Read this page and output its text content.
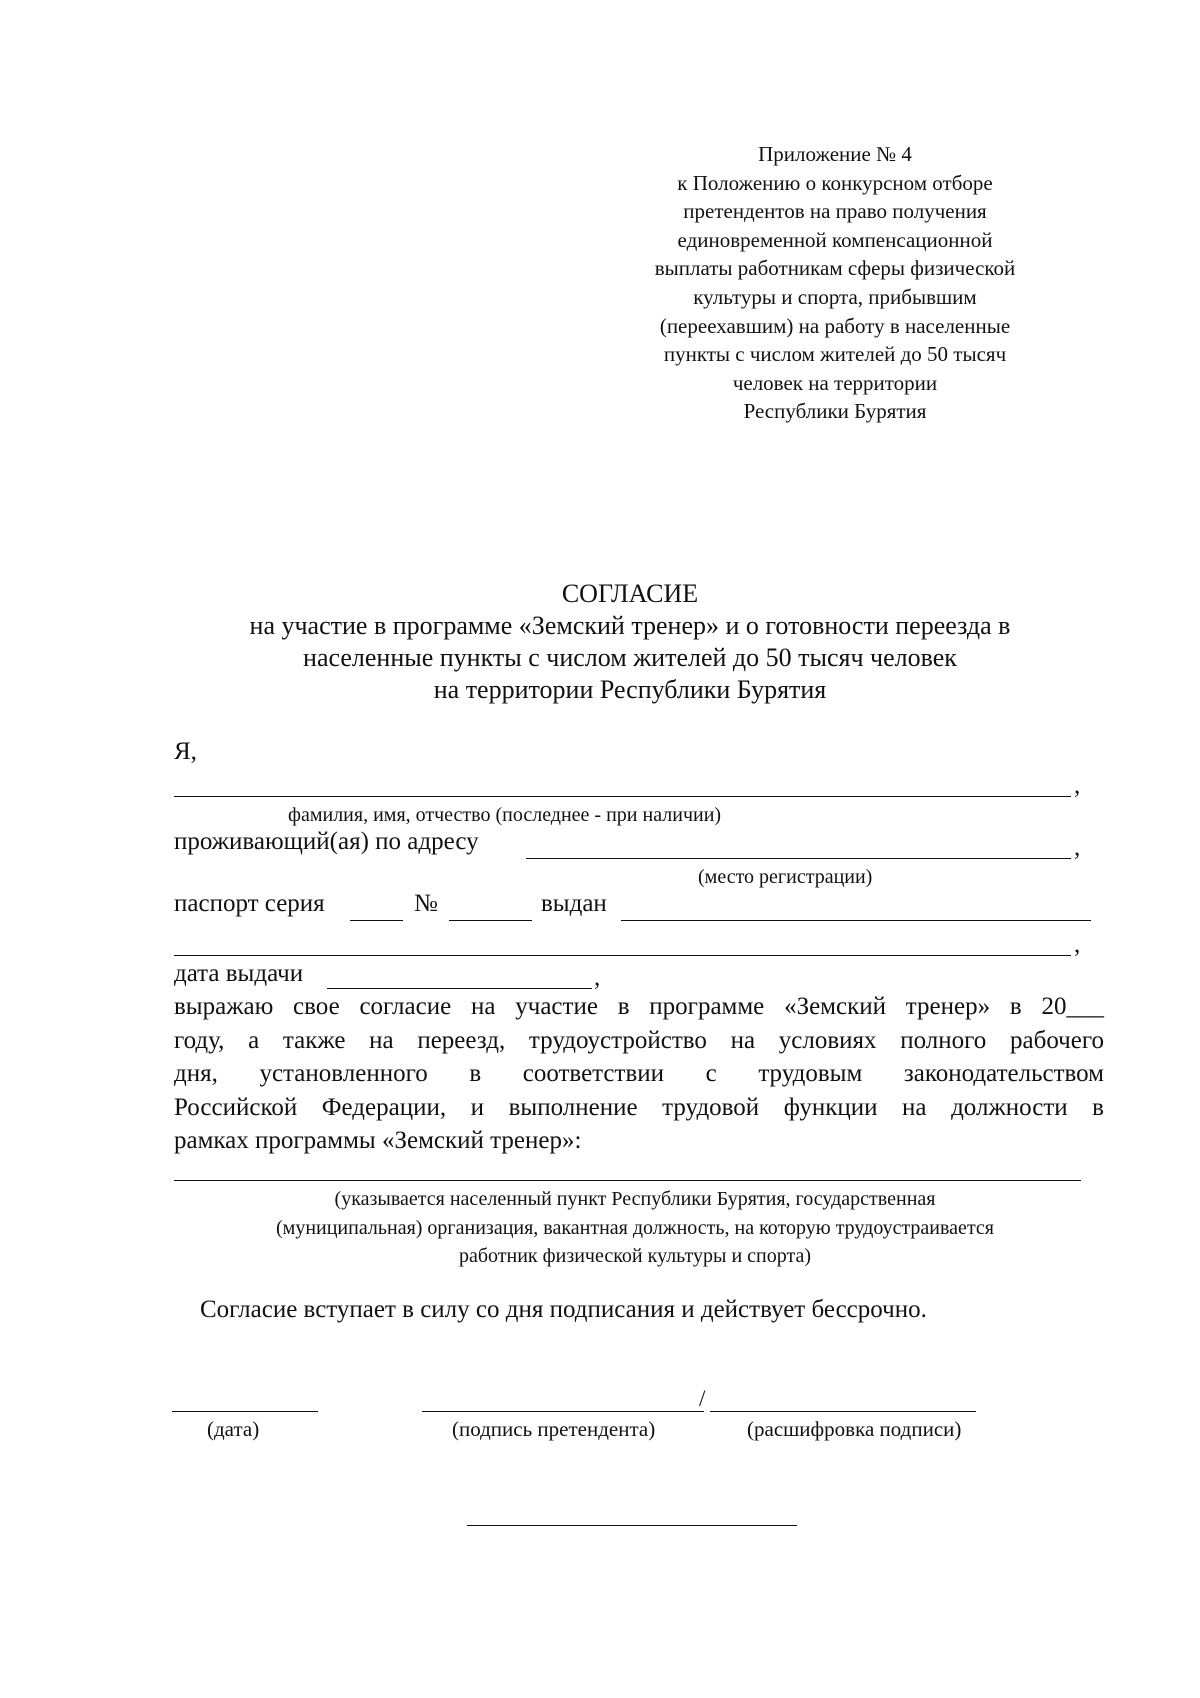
Приложение № 4
к Положению о конкурсном отборе
претендентов на право получения
единовременной компенсационной
выплаты работникам сферы физической
культуры и спорта, прибывшим
(переехавшим) на работу в населенные
пункты с числом жителей до 50 тысяч
человек на территории
Республики Бурятия
СОГЛАСИЕ
на участие в программе «Земский тренер» и о готовности переезда в
населенные пункты с числом жителей до 50 тысяч человек
на территории Республики Бурятия
Я,
,
фамилия, имя, отчество (последнее - при наличии)
проживающий(ая) по адресу	,
(место регистрации)
паспорт серия	№	выдан
,
дата выдачи	,
выражаю свое согласие на участие в программе «Земский тренер» в 20___
году, а также на переезд, трудоустройство на условиях полного рабочего
дня, установленного в соответствии с трудовым законодательством
Российской Федерации, и выполнение трудовой функции на должности в
рамках программы «Земский тренер»:
(указывается населенный пункт Республики Бурятия, государственная
(муниципальная) организация, вакантная должность, на которую трудоустраивается
работник физической культуры и спорта)
Согласие вступает в силу со дня подписания и действует бессрочно.
/
(дата)	(подпись претендента)	(расшифровка подписи)
